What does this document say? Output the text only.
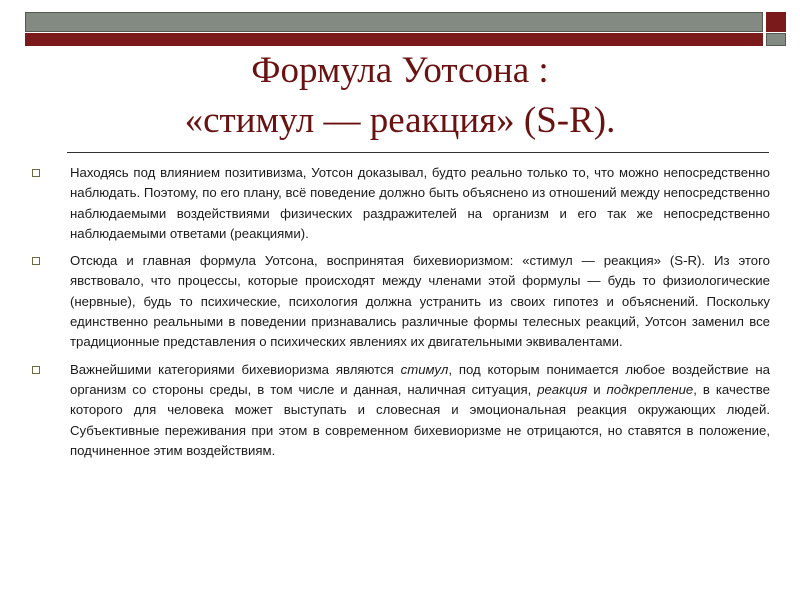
Формула Уотсона :
«стимул — реакция» (S-R).
Находясь под влиянием позитивизма, Уотсон доказывал, будто реально только то, что можно непосредственно наблюдать. Поэтому, по его плану, всё поведение должно быть объяснено из отношений между непосредственно наблюдаемыми воздействиями физических раздражителей на организм и его так же непосредственно наблюдаемыми ответами (реакциями).
Отсюда и главная формула Уотсона, воспринятая бихевиоризмом: «стимул — реакция» (S-R). Из этого явствовало, что процессы, которые происходят между членами этой формулы — будь то физиологические (нервные), будь то психические, психология должна устранить из своих гипотез и объяснений. Поскольку единственно реальными в поведении признавались различные формы телесных реакций, Уотсон заменил все традиционные представления о психических явлениях их двигательными эквивалентами.
Важнейшими категориями бихевиоризма являются стимул, под которым понимается любое воздействие на организм со стороны среды, в том числе и данная, наличная ситуация, реакция и подкрепление, в качестве которого для человека может выступать и словесная и эмоциональная реакция окружающих людей. Субъективные переживания при этом в современном бихевиоризме не отрицаются, но ставятся в положение, подчиненное этим воздействиям.
